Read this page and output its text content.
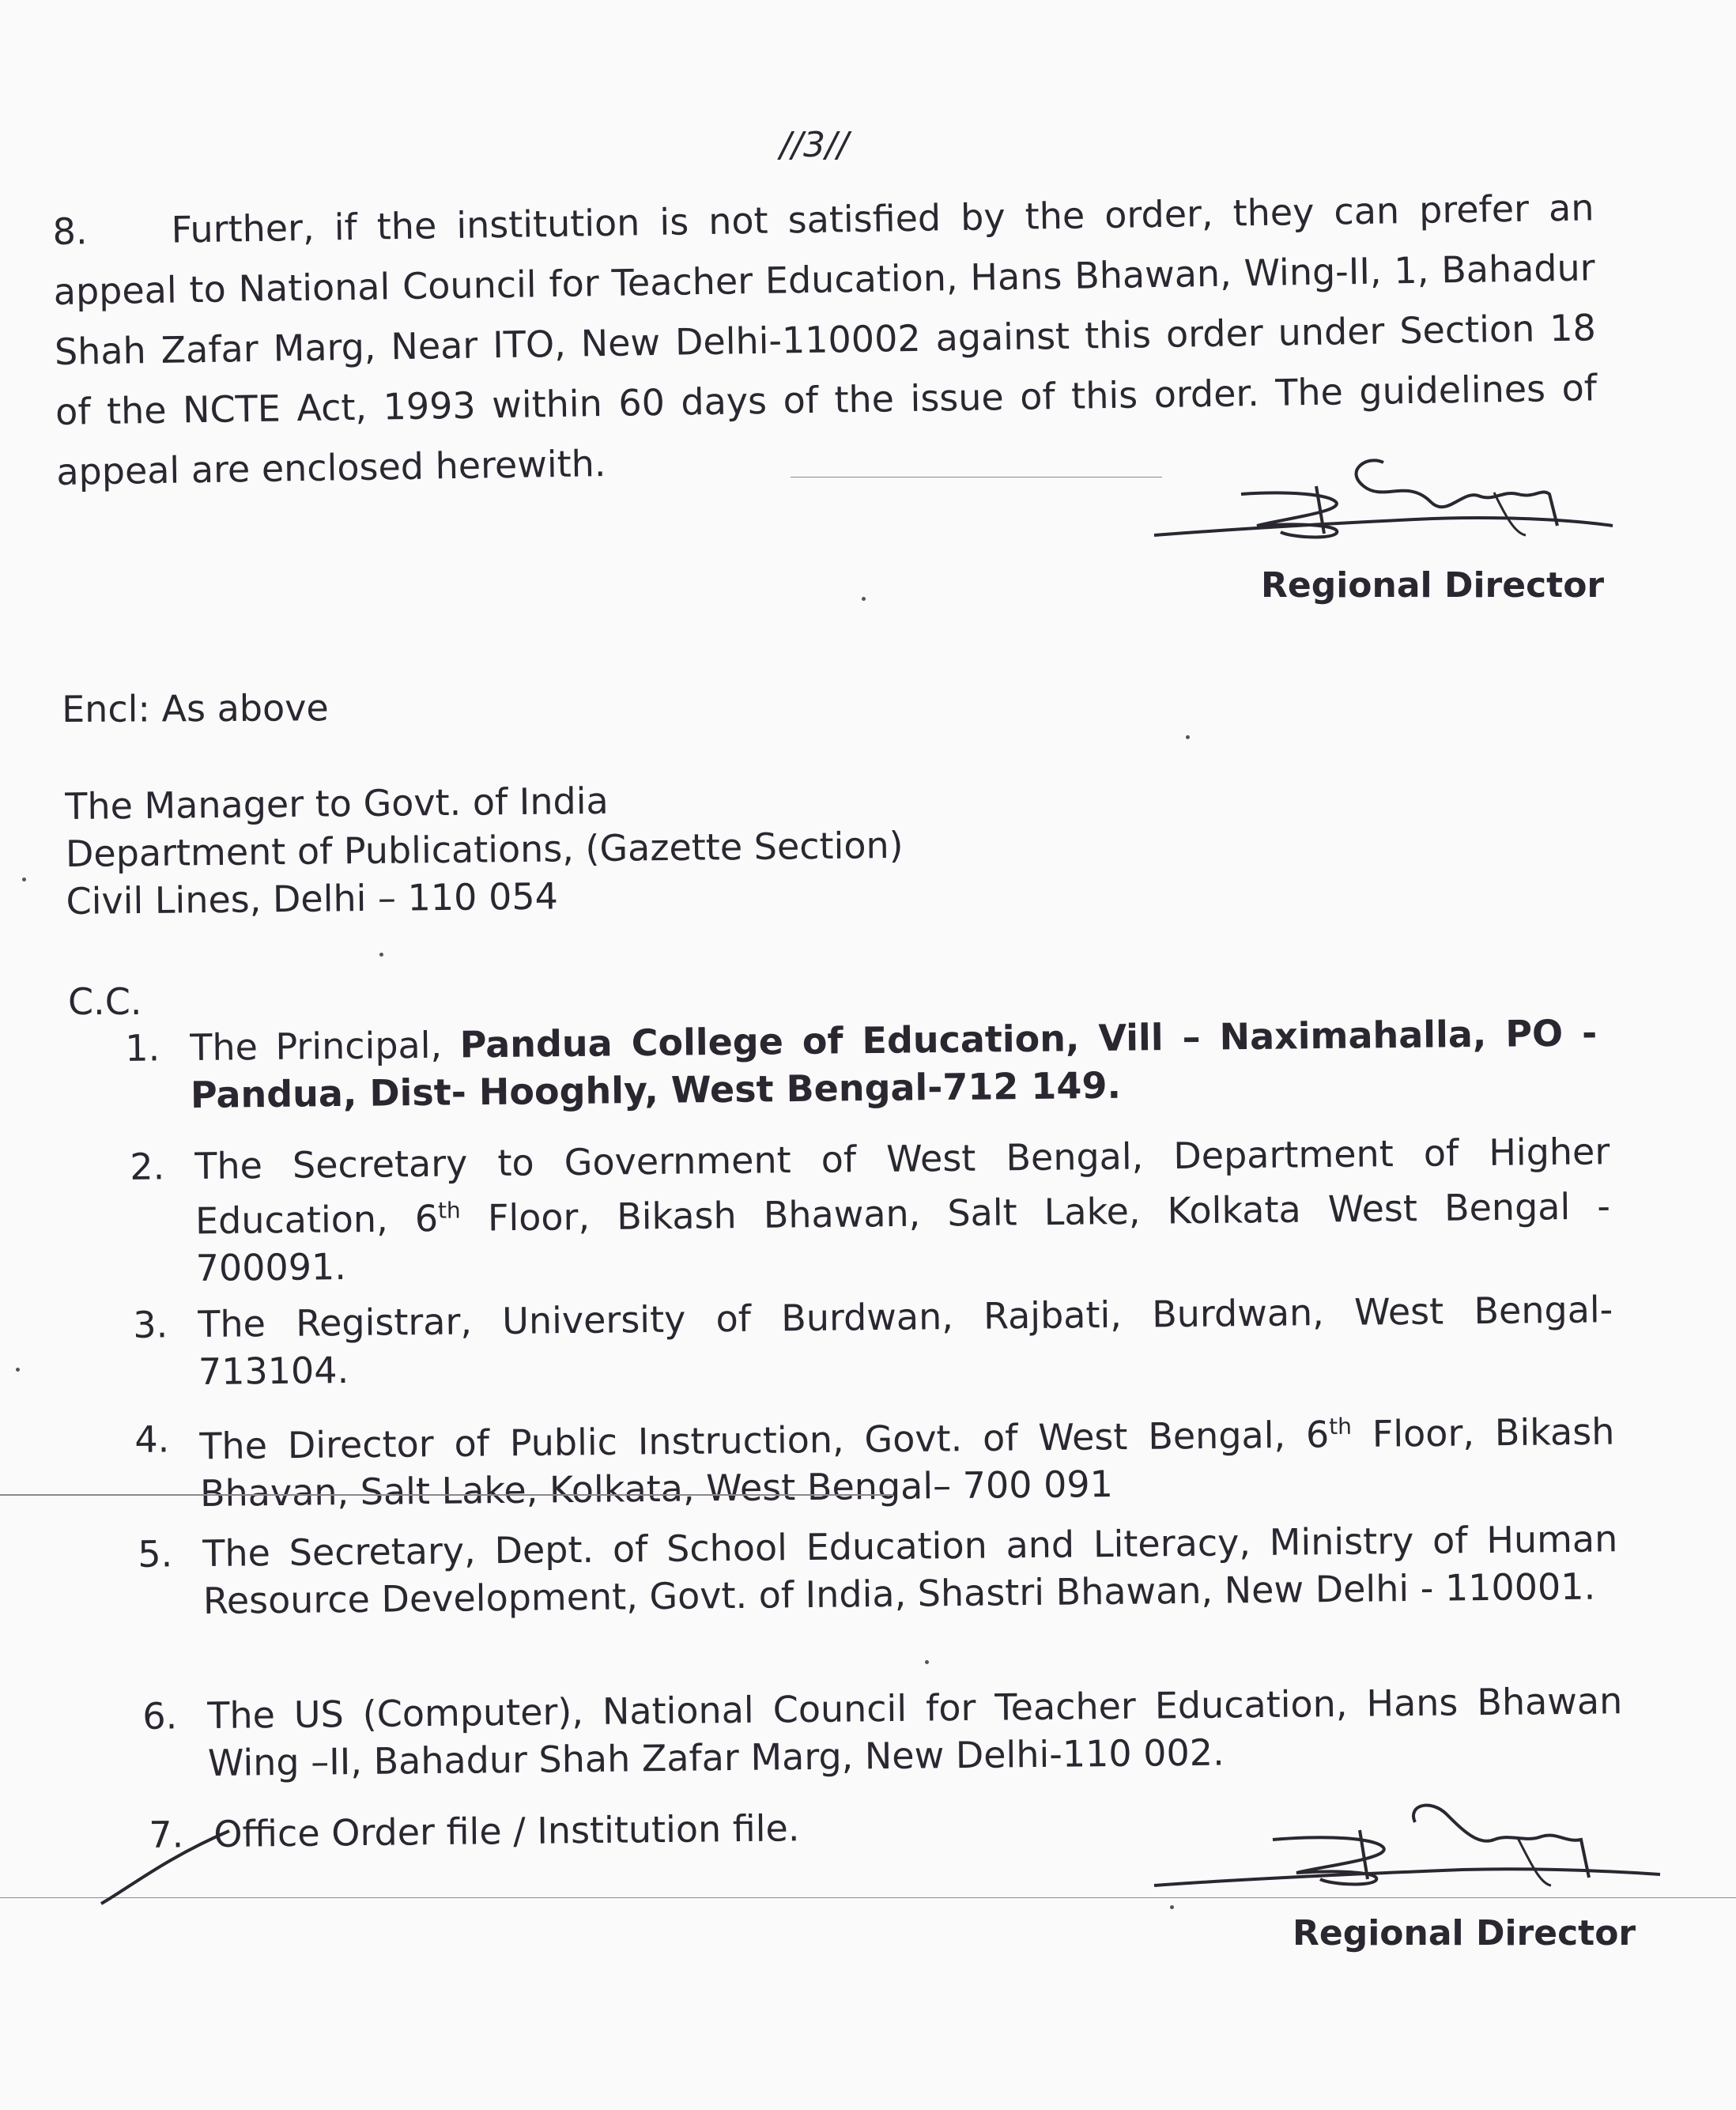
//3//
8. Further, if the institution is not satisfied by the order, they can prefer an appeal to National Council for Teacher Education, Hans Bhawan, Wing-II, 1, Bahadur Shah Zafar Marg, Near ITO, New Delhi-110002 against this order under Section 18 of the NCTE Act, 1993 within 60 days of the issue of this order. The guidelines of appeal are enclosed herewith.
Regional Director
Encl: As above
The Manager to Govt. of India
Department of Publications, (Gazette Section)
Civil Lines, Delhi – 110 054
C.C.
1. The Principal, Pandua College of Education, Vill – Naximahalla, PO - Pandua, Dist- Hooghly, West Bengal-712 149.
2. The Secretary to Government of West Bengal, Department of Higher Education, 6th Floor, Bikash Bhawan, Salt Lake, Kolkata West Bengal - 700091.
3. The Registrar, University of Burdwan, Rajbati, Burdwan, West Bengal-713104.
4. The Director of Public Instruction, Govt. of West Bengal, 6th Floor, Bikash Bhavan, Salt Lake, Kolkata, West Bengal– 700 091
5. The Secretary, Dept. of School Education and Literacy, Ministry of Human Resource Development, Govt. of India, Shastri Bhawan, New Delhi - 110001.
6. The US (Computer), National Council for Teacher Education, Hans Bhawan Wing –II, Bahadur Shah Zafar Marg, New Delhi-110 002.
7. Office Order file / Institution file.
Regional Director
